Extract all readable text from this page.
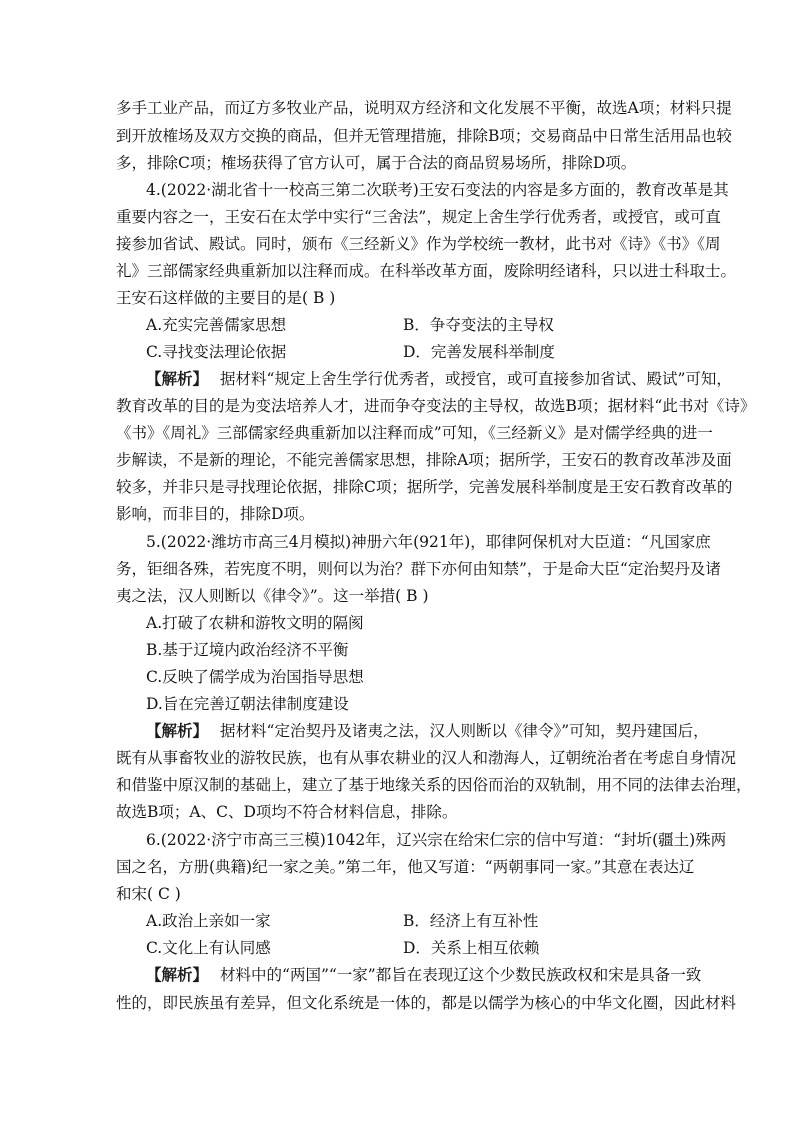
多手工业产品，而辽方多牧业产品，说明双方经济和文化发展不平衡，故选A项；材料只提
到开放榷场及双方交换的商品，但并无管理措施，排除B项；交易商品中日常生活用品也较
多，排除C项；榷场获得了官方认可，属于合法的商品贸易场所，排除D项。
4.(2022·湖北省十一校高三第二次联考)王安石变法的内容是多方面的，教育改革是其
重要内容之一，王安石在太学中实行“三舍法”，规定上舍生学行优秀者，或授官，或可直
接参加省试、殿试。同时，颁布《三经新义》作为学校统一教材，此书对《诗》《书》《周
礼》三部儒家经典重新加以注释而成。在科举改革方面，废除明经诸科，只以进士科取士。
王安石这样做的主要目的是( B )
A.充实完善儒家思想	B．争夺变法的主导权
C.寻找变法理论依据	D．完善发展科举制度
【解析】 据材料“规定上舍生学行优秀者，或授官，或可直接参加省试、殿试”可知，
教育改革的目的是为变法培养人才，进而争夺变法的主导权，故选B项；据材料“此书对《诗》
《书》《周礼》三部儒家经典重新加以注释而成”可知，《三经新义》是对儒学经典的进一
步解读，不是新的理论，不能完善儒家思想，排除A项；据所学，王安石的教育改革涉及面
较多，并非只是寻找理论依据，排除C项；据所学，完善发展科举制度是王安石教育改革的
影响，而非目的，排除D项。
5.(2022·潍坊市高三4月模拟)神册六年(921年)，耶律阿保机对大臣道：“凡国家庶
务，钜细各殊，若宪度不明，则何以为治？群下亦何由知禁”，于是命大臣“定治契丹及诸
夷之法，汉人则断以《律令》”。这一举措( B )
A.打破了农耕和游牧文明的隔阂
B.基于辽境内政治经济不平衡
C.反映了儒学成为治国指导思想
D.旨在完善辽朝法律制度建设
【解析】 据材料“定治契丹及诸夷之法，汉人则断以《律令》”可知，契丹建国后，
既有从事畜牧业的游牧民族，也有从事农耕业的汉人和渤海人，辽朝统治者在考虑自身情况
和借鉴中原汉制的基础上，建立了基于地缘关系的因俗而治的双轨制，用不同的法律去治理，
故选B项；A、C、D项均不符合材料信息，排除。
6.(2022·济宁市高三三模)1042年，辽兴宗在给宋仁宗的信中写道：“封圻(疆土)殊两
国之名，方册(典籍)纪一家之美。”第二年，他又写道：“两朝事同一家。”其意在表达辽
和宋( C )
A.政治上亲如一家	B．经济上有互补性
C.文化上有认同感	D．关系上相互依赖
【解析】 材料中的“两国”“一家”都旨在表现辽这个少数民族政权和宋是具备一致
性的，即民族虽有差异，但文化系统是一体的，都是以儒学为核心的中华文化圈，因此材料
